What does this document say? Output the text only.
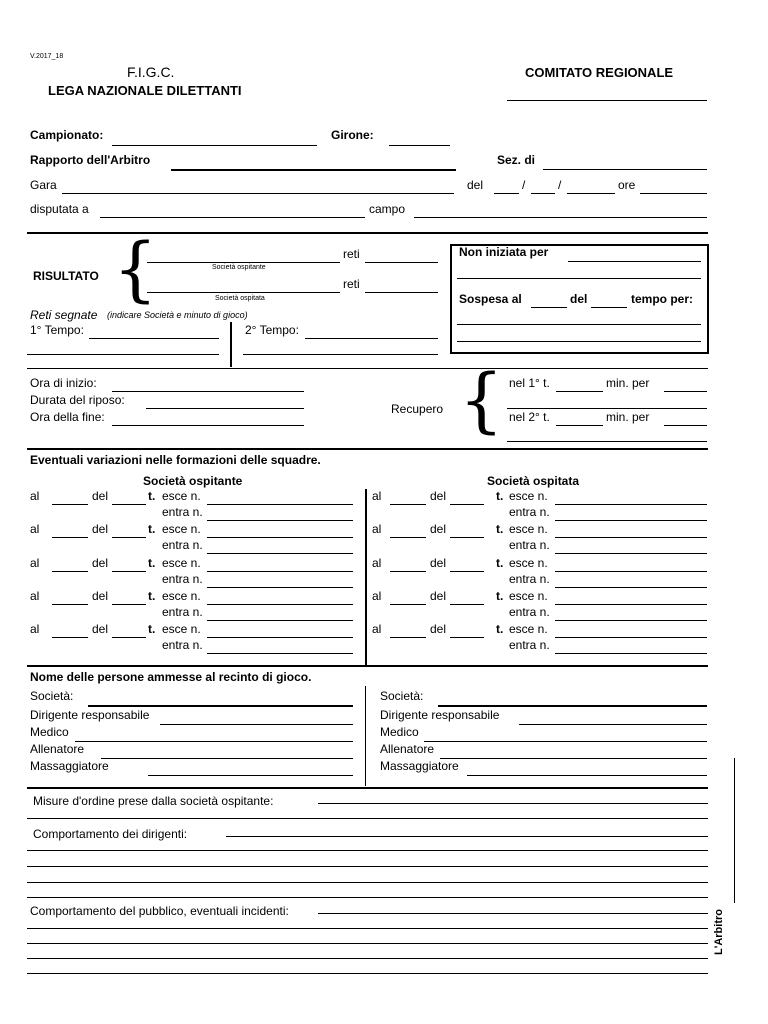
V.2017_18
F.I.G.C.
LEGA NAZIONALE DILETTANTI
COMITATO REGIONALE
Campionato:	Girone:
Rapporto dell'Arbitro	Sez. di
Gara	del	/	/	ore
disputata a	campo
RISULTATO {	Società ospitante
reti
Società ospitata
reti
Reti segnate (indicare Società e minuto di gioco)
1° Tempo:	2° Tempo:
Non iniziata per
Sospesa al	del	tempo per:
Ora di inizio:
Durata del riposo:
Ora della fine:
Recupero { nel 1° t.	min. per
nel 2° t.	min. per
Eventuali variazioni nelle formazioni delle squadre.
Società ospitante	Società ospitata
al	del	t. esce n.
entra n.
al	del	t. esce n.
entra n.
al	del	t. esce n.
entra n.
al	del	t. esce n.
entra n.
al	del	t. esce n.
entra n.
al	del	t. esce n.
entra n.
al	del	t. esce n.
entra n.
al	del	t. esce n.
entra n.
al	del	t. esce n.
entra n.
al	del	t. esce n.
entra n.
Nome delle persone ammesse al recinto di gioco.
Società:
Dirigente responsabile
Medico
Allenatore
Massaggiatore
Società:
Dirigente responsabile
Medico
Allenatore
Massaggiatore
Misure d'ordine prese dalla società ospitante:
Comportamento dei dirigenti:
Comportamento del pubblico, eventuali incidenti:	L'Arbitro
